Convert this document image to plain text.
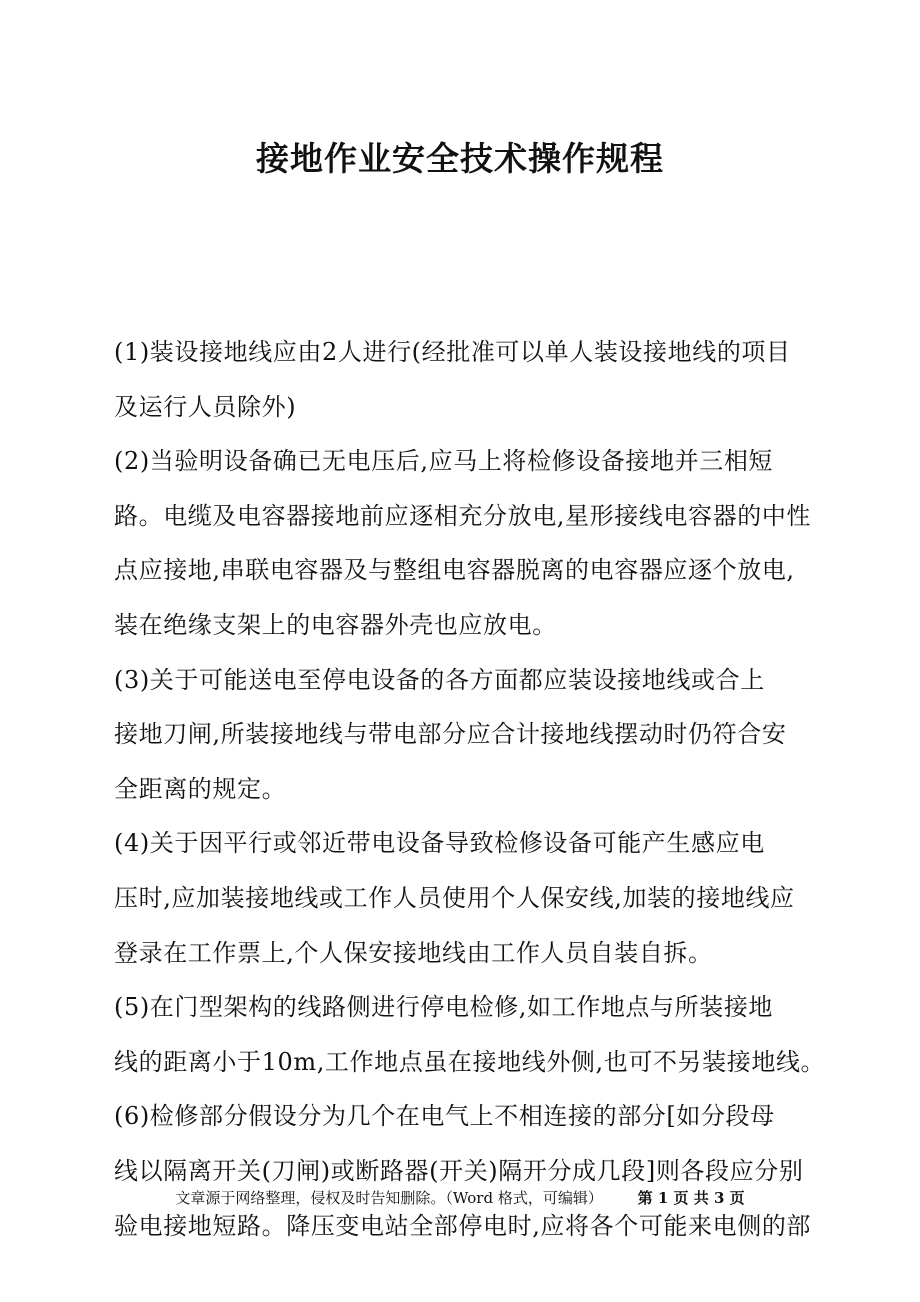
接地作业安全技术操作规程

(1)装设接地线应由2人进行(经批准可以单人装设接地线的项目
及运行人员除外)

(2)当验明设备确已无电压后,应马上将检修设备接地并三相短
路。电缆及电容器接地前应逐相充分放电,星形接线电容器的中性
点应接地,串联电容器及与整组电容器脱离的电容器应逐个放电,
装在绝缘支架上的电容器外壳也应放电。

(3)关于可能送电至停电设备的各方面都应装设接地线或合上
接地刀闸,所装接地线与带电部分应合计接地线摆动时仍符合安
全距离的规定。

(4)关于因平行或邻近带电设备导致检修设备可能产生感应电
压时,应加装接地线或工作人员使用个人保安线,加装的接地线应
登录在工作票上,个人保安接地线由工作人员自装自拆。

(5)在门型架构的线路侧进行停电检修,如工作地点与所装接地
线的距离小于10m,工作地点虽在接地线外侧,也可不另装接地线。

(6)检修部分假设分为几个在电气上不相连接的部分[如分段母
线以隔离开关(刀闸)或断路器(开关)隔开分成几段]则各段应分别
验电接地短路。降压变电站全部停电时,应将各个可能来电侧的部

文章源于网络整理，侵权及时告知删除。（Word 格式，可编辑） 第 1 页 共 3 页
